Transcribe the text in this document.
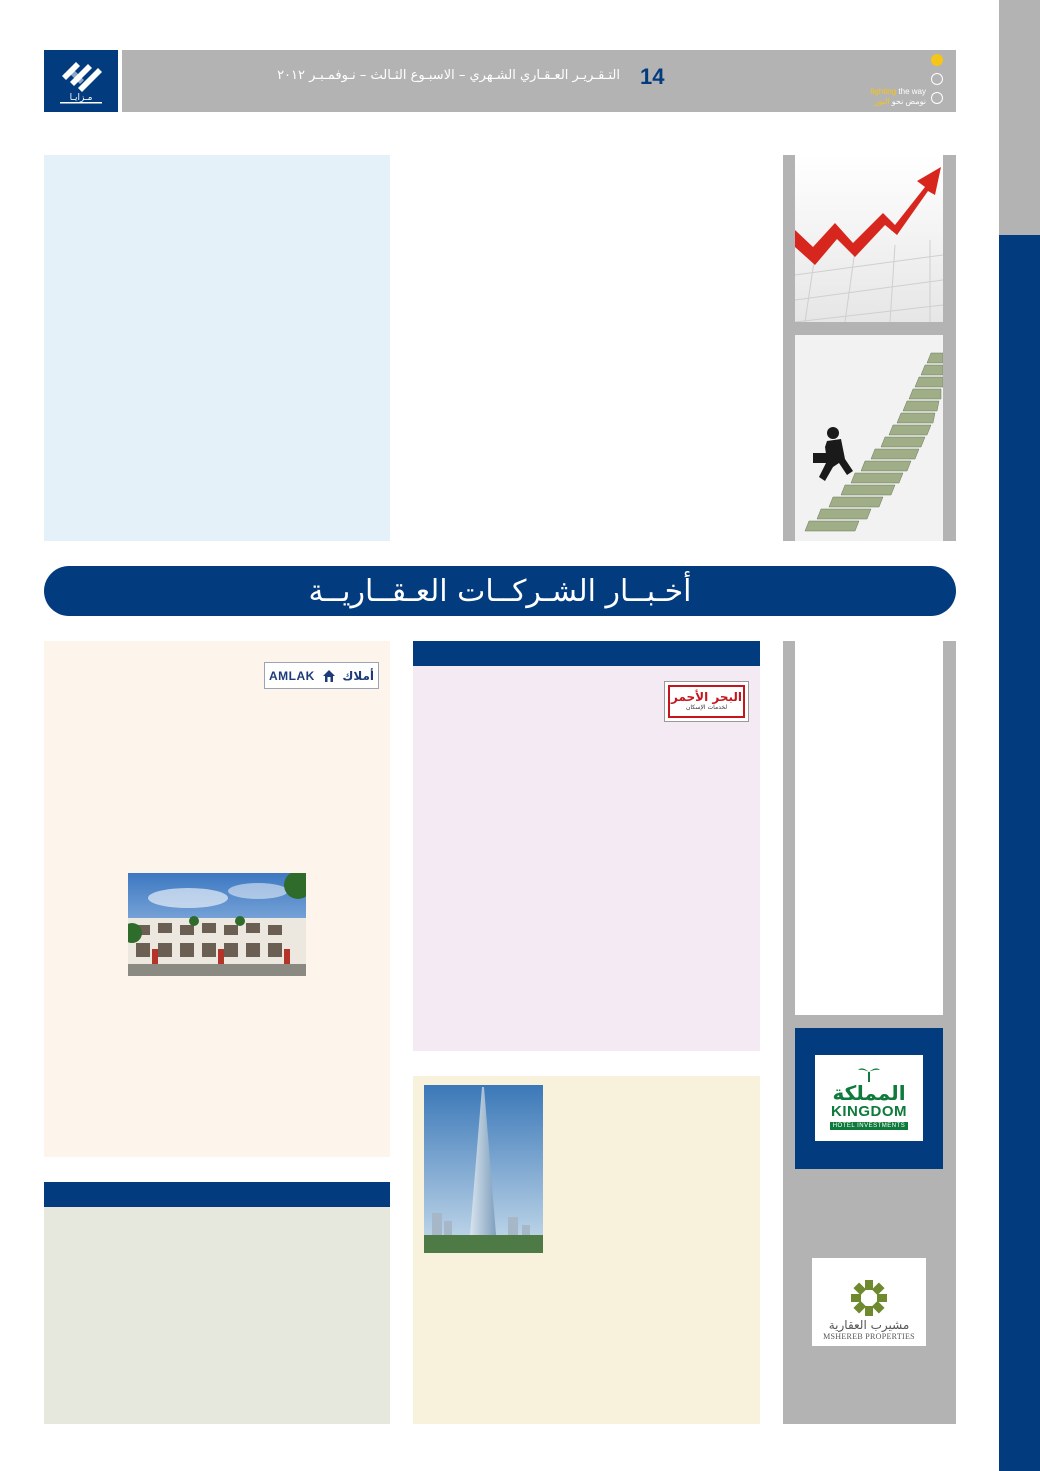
مـزايـا
التـقـريـر العـقـاري الشـهري – الاسبـوع الثـالث – نـوفمـبـر ٢٠١٢ 14
lighting the way
نومض نحو النور
أخـبــار الشـركــات العـقــاريــة
AMLAK أملاك
البحر الأحمر
لخدمات الإسكان
المملكة
KINGDOM
HOTEL INVESTMENTS
مشيرب العقارية
MSHEREB PROPERTIES
